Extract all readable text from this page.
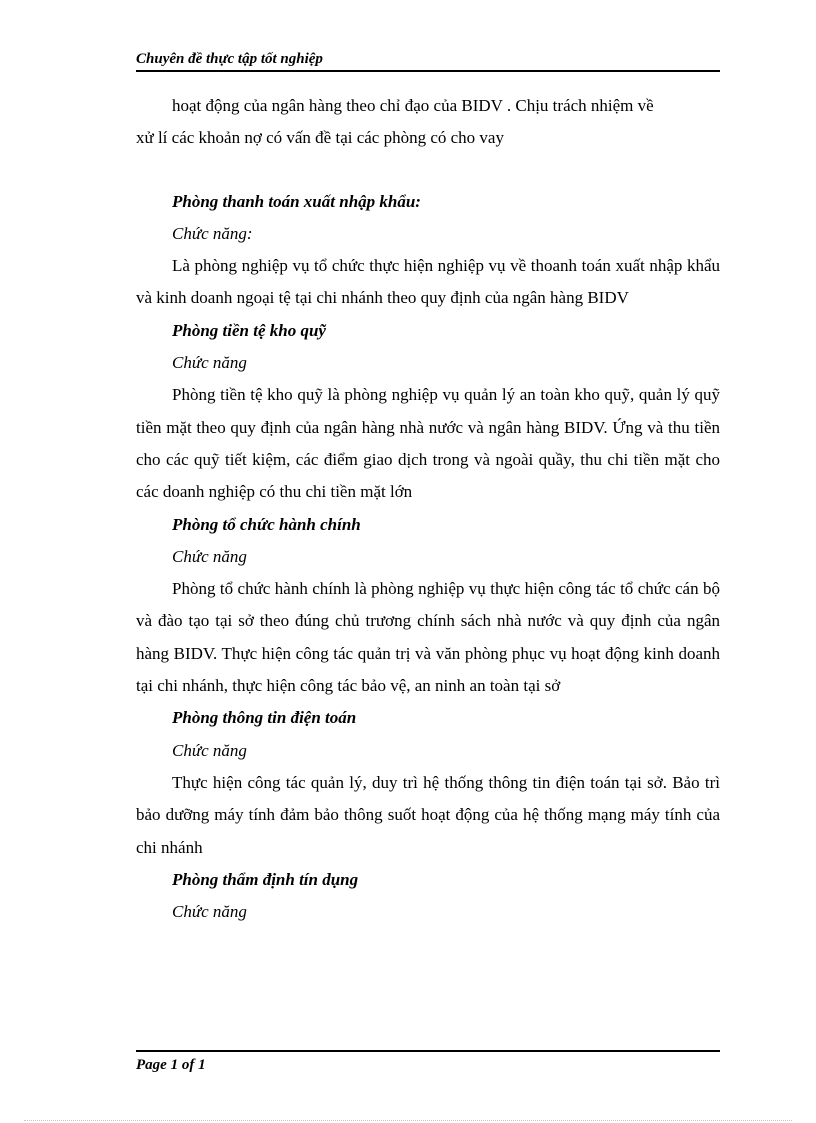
Chuyên đề thực tập tốt nghiệp

hoạt động của ngân hàng theo chỉ đạo của BIDV . Chịu trách nhiệm về
xử lí các khoản nợ có vấn đề tại các phòng có cho vay

Phòng thanh toán xuất nhập khẩu:

Chức năng:

Là phòng nghiệp vụ tổ chức thực hiện nghiệp vụ về thoanh toán xuất nhập khẩu và kinh doanh ngoại tệ tại chi nhánh theo quy định của ngân hàng BIDV

Phòng tiền tệ kho quỹ

Chức năng

Phòng tiền tệ kho quỹ là phòng nghiệp vụ quản lý an toàn kho quỹ, quản lý quỹ tiền mặt theo quy định của ngân hàng nhà nước và ngân hàng BIDV. Ứng và thu tiền cho các quỹ tiết kiệm, các điểm giao dịch trong và ngoài quầy, thu chi tiền mặt cho các doanh nghiệp có thu chi tiền mặt lớn

Phòng tổ chức hành chính

Chức năng

Phòng tổ chức hành chính là phòng nghiệp vụ thực hiện công tác tổ chức cán bộ và đào tạo tại sở theo đúng chủ trương chính sách nhà nước và quy định của ngân hàng BIDV. Thực hiện công tác quản trị và văn phòng phục vụ hoạt động kinh doanh tại chi nhánh, thực hiện công tác bảo vệ, an ninh an toàn tại sở

Phòng thông tin điện toán

Chức năng

Thực hiện công tác quản lý, duy trì hệ thống thông tin điện toán tại sở. Bảo trì bảo dưỡng máy tính đảm bảo thông suốt hoạt động của hệ thống mạng máy tính của chi nhánh

Phòng thẩm định tín dụng

Chức năng

Page 1 of 1
